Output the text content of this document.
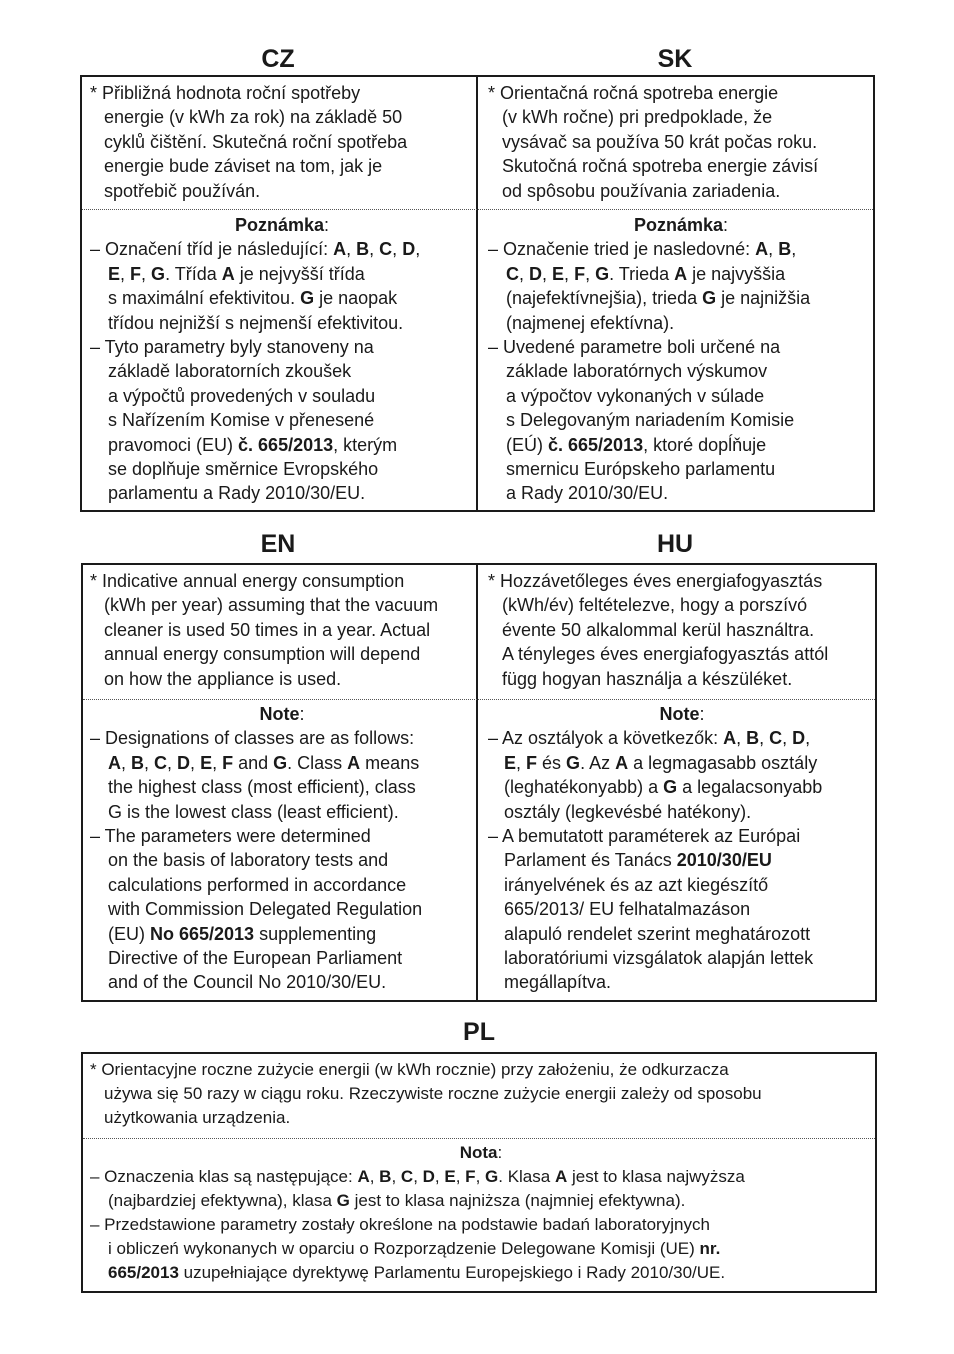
CZ	SK
* Přibližná hodnota roční spotřeby
energie (v kWh za rok) na základě 50
cyklů čištění. Skutečná roční spotřeba
energie bude záviset na tom, jak je
spotřebič používán.
* Orientačná ročná spotreba energie
(v kWh ročne) pri predpoklade, že
vysávač sa používa 50 krát počas roku.
Skutočná ročná spotreba energie závisí
od spôsobu používania zariadenia.
Poznámka:
– Označení tříd je následující: A, B, C, D,
E, F, G. Třída A je nejvyšší třída
s maximální efektivitou. G je naopak
třídou nejnižší s nejmenší efektivitou.
– Tyto parametry byly stanoveny na
základě laboratorních zkoušek
a výpočtů provedených v souladu
s Nařízením Komise v přenesené
pravomoci (EU) č. 665/2013, kterým
se doplňuje směrnice Evropského
parlamentu a Rady 2010/30/EU.
Poznámka:
– Označenie tried je nasledovné: A, B,
C, D, E, F, G. Trieda A je najvyššia
(najefektívnejšia), trieda G je najnižšia
(najmenej efektívna).
– Uvedené parametre boli určené na
základe laboratórnych výskumov
a výpočtov vykonaných v súlade
s Delegovaným nariadením Komisie
(EÚ) č. 665/2013, ktoré dopĺňuje
smernicu Európskeho parlamentu
a Rady 2010/30/EU.
EN	HU
* Indicative annual energy consumption
(kWh per year) assuming that the vacuum
cleaner is used 50 times in a year. Actual
annual energy consumption will depend
on how the appliance is used.
* Hozzávetőleges éves energiafogyasztás
(kWh/év) feltételezve, hogy a porszívó
évente 50 alkalommal kerül használtra.
A tényleges éves energiafogyasztás attól
függ hogyan használja a készüléket.
Note:
– Designations of classes are as follows:
A, B, C, D, E, F and G. Class A means
the highest class (most efficient), class
G is the lowest class (least efficient).
– The parameters were determined
on the basis of laboratory tests and
calculations performed in accordance
with Commission Delegated Regulation
(EU) No 665/2013 supplementing
Directive of the European Parliament
and of the Council No 2010/30/EU.
Note:
– Az osztályok a következők: A, B, C, D,
E, F és G. Az A a legmagasabb osztály
(leghatékonyabb) a G a legalacsonyabb
osztály (legkevésbé hatékony).
– A bemutatott paraméterek az Európai
Parlament és Tanács 2010/30/EU
irányelvének és az azt kiegészítő
665/2013/ EU felhatalmazáson
alapuló rendelet szerint meghatározott
laboratóriumi vizsgálatok alapján lettek
megállapítva.
PL
* Orientacyjne roczne zużycie energii (w kWh rocznie) przy założeniu, że odkurzacza
używa się 50 razy w ciągu roku. Rzeczywiste roczne zużycie energii zależy od sposobu
użytkowania urządzenia.
Nota:
– Oznaczenia klas są następujące: A, B, C, D, E, F, G. Klasa A jest to klasa najwyższa
(najbardziej efektywna), klasa G jest to klasa najniższa (najmniej efektywna).
– Przedstawione parametry zostały określone na podstawie badań laboratoryjnych
i obliczeń wykonanych w oparciu o Rozporządzenie Delegowane Komisji (UE) nr.
665/2013 uzupełniające dyrektywę Parlamentu Europejskiego i Rady 2010/30/UE.
